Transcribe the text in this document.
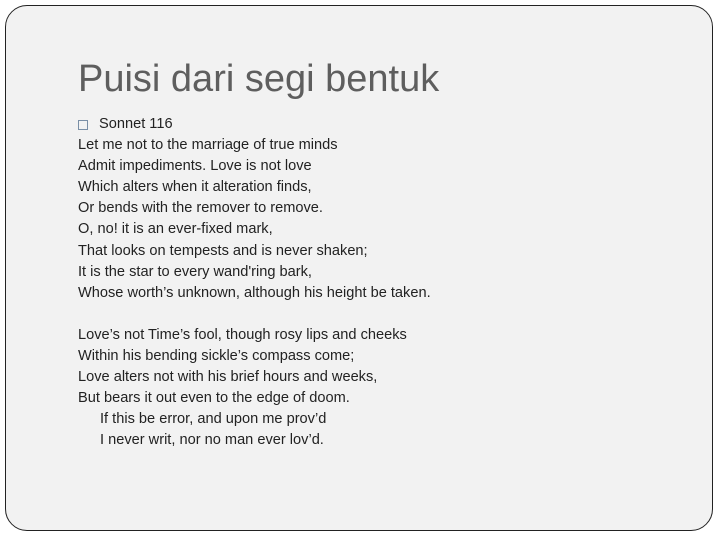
Puisi dari segi bentuk
Sonnet 116
Let me not to the marriage of true minds
Admit impediments. Love is not love
Which alters when it alteration finds,
Or bends with the remover to remove.
O, no! it is an ever-fixed mark,
That looks on tempests and is never shaken;
It is the star to every wand'ring bark,
Whose worth’s unknown, although his height be taken.
Love’s not Time’s fool, though rosy lips and cheeks
Within his bending sickle’s compass come;
Love alters not with his brief hours and weeks,
But bears it out even to the edge of doom.
If this be error, and upon me prov’d
I never writ, nor no man ever lov’d.
